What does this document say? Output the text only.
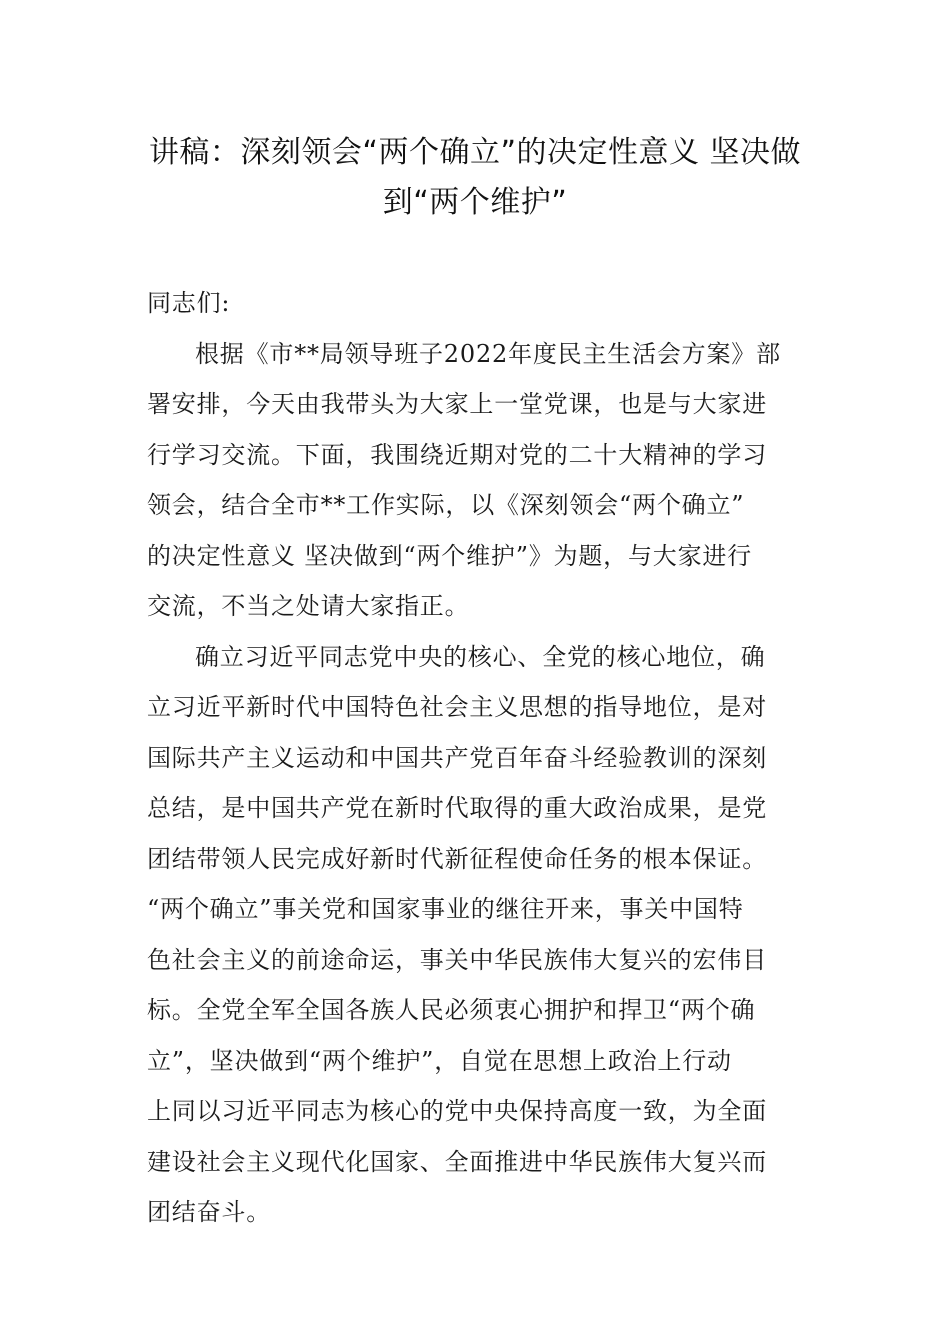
讲稿：深刻领会“两个确立”的决定性意义 坚决做
到“两个维护”
同志们:
根据《市**局领导班子2022年度民主生活会方案》部
署安排，今天由我带头为大家上一堂党课，也是与大家进
行学习交流。下面，我围绕近期对党的二十大精神的学习
领会，结合全市**工作实际，以《深刻领会“两个确立”
的决定性意义 坚决做到“两个维护”》为题，与大家进行
交流，不当之处请大家指正。
确立习近平同志党中央的核心、全党的核心地位，确
立习近平新时代中国特色社会主义思想的指导地位，是对
国际共产主义运动和中国共产党百年奋斗经验教训的深刻
总结，是中国共产党在新时代取得的重大政治成果，是党
团结带领人民完成好新时代新征程使命任务的根本保证。
“两个确立”事关党和国家事业的继往开来，事关中国特
色社会主义的前途命运，事关中华民族伟大复兴的宏伟目
标。全党全军全国各族人民必须衷心拥护和捍卫“两个确
立”，坚决做到“两个维护”，自觉在思想上政治上行动
上同以习近平同志为核心的党中央保持高度一致，为全面
建设社会主义现代化国家、全面推进中华民族伟大复兴而
团结奋斗。
